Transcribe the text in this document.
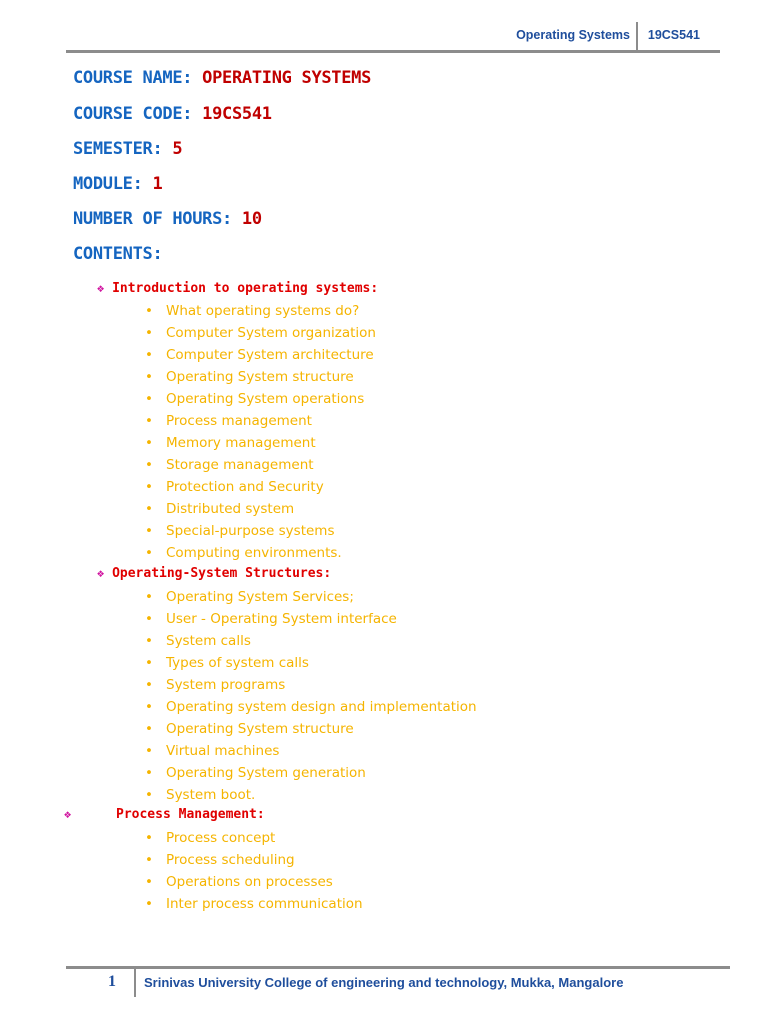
Operating Systems 19CS541
COURSE NAME: OPERATING SYSTEMS
COURSE CODE: 19CS541
SEMESTER: 5
MODULE: 1
NUMBER OF HOURS: 10
CONTENTS:
❖ Introduction to operating systems:
• What operating systems do?
• Computer System organization
• Computer System architecture
• Operating System structure
• Operating System operations
• Process management
• Memory management
• Storage management
• Protection and Security
• Distributed system
• Special-purpose systems
• Computing environments.
❖ Operating-System Structures:
• Operating System Services;
• User - Operating System interface
• System calls
• Types of system calls
• System programs
• Operating system design and implementation
• Operating System structure
• Virtual machines
• Operating System generation
• System boot.
❖	Process Management:
• Process concept
• Process scheduling
• Operations on processes
• Inter process communication
1 Srinivas University College of engineering and technology, Mukka, Mangalore
